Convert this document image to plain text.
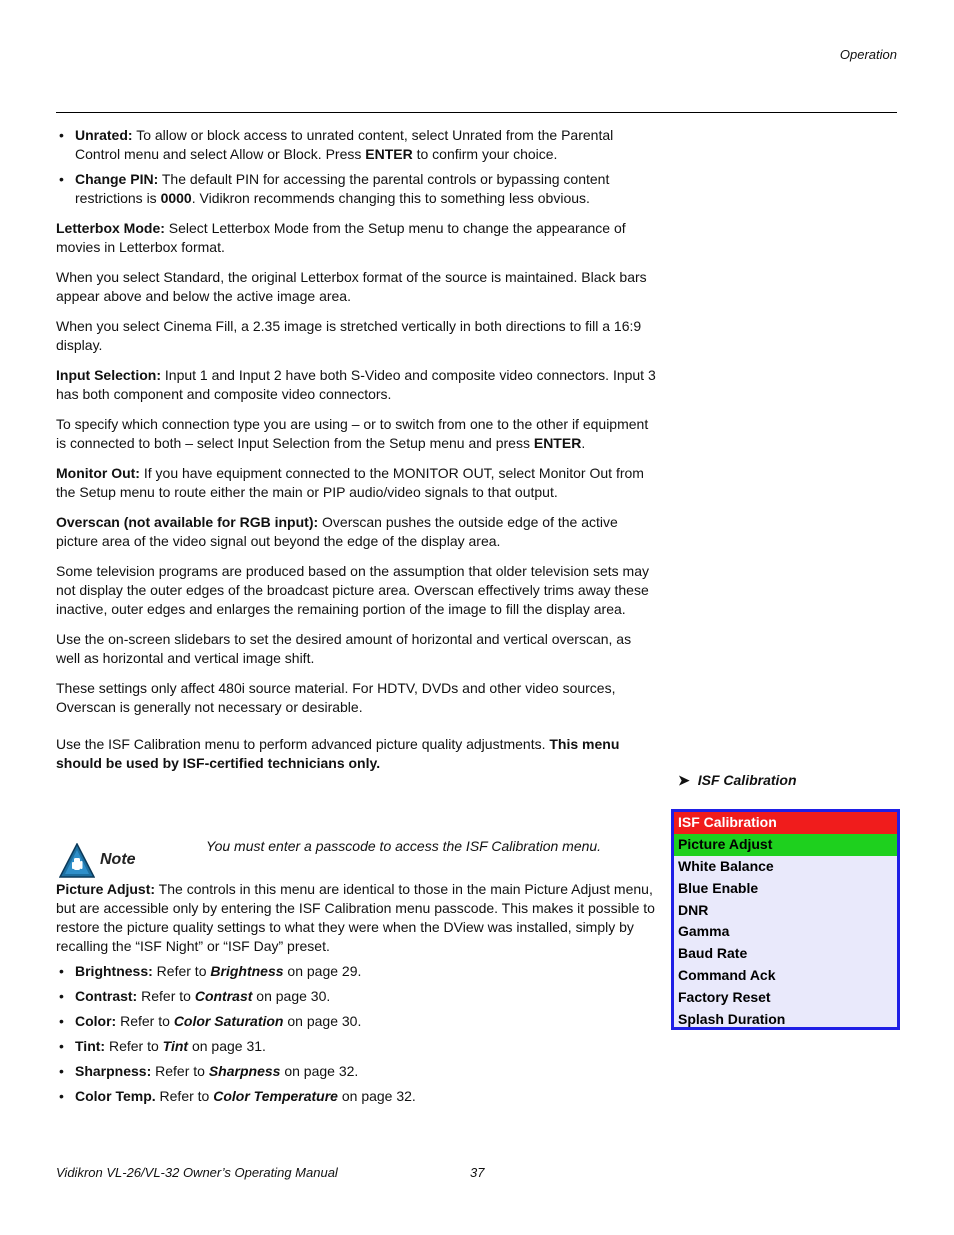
Operation
• Unrated: To allow or block access to unrated content, select Unrated from the Parental Control menu and select Allow or Block. Press ENTER to confirm your choice.
• Change PIN: The default PIN for accessing the parental controls or bypassing content restrictions is 0000. Vidikron recommends changing this to something less obvious.

Letterbox Mode: Select Letterbox Mode from the Setup menu to change the appearance of movies in Letterbox format.

When you select Standard, the original Letterbox format of the source is maintained. Black bars appear above and below the active image area.

When you select Cinema Fill, a 2.35 image is stretched vertically in both directions to fill a 16:9 display.

Input Selection: Input 1 and Input 2 have both S-Video and composite video connectors. Input 3 has both component and composite video connectors.

To specify which connection type you are using – or to switch from one to the other if equipment is connected to both – select Input Selection from the Setup menu and press ENTER.

Monitor Out: If you have equipment connected to the MONITOR OUT, select Monitor Out from the Setup menu to route either the main or PIP audio/video signals to that output.

Overscan (not available for RGB input): Overscan pushes the outside edge of the active picture area of the video signal out beyond the edge of the display area.

Some television programs are produced based on the assumption that older television sets may not display the outer edges of the broadcast picture area. Overscan effectively trims away these inactive, outer edges and enlarges the remaining portion of the image to fill the display area.

Use the on-screen slidebars to set the desired amount of horizontal and vertical overscan, as well as horizontal and vertical image shift.

These settings only affect 480i source material. For HDTV, DVDs and other video sources, Overscan is generally not necessary or desirable.

Use the ISF Calibration menu to perform advanced picture quality adjustments. This menu should be used by ISF-certified technicians only.

Picture Adjust: The controls in this menu are identical to those in the main Picture Adjust menu, but are accessible only by entering the ISF Calibration menu passcode. This makes it possible to restore the picture quality settings to what they were when the DView was installed, simply by recalling the “ISF Night” or “ISF Day” preset.

• Brightness: Refer to Brightness on page 29.
• Contrast: Refer to Contrast on page 30.
• Color: Refer to Color Saturation on page 30.
• Tint: Refer to Tint on page 31.
• Sharpness: Refer to Sharpness on page 32.
• Color Temp. Refer to Color Temperature on page 32.
➤ ISF Calibration
ISF Calibration
Picture Adjust
White Balance
Blue Enable
DNR
Gamma
Baud Rate
Command Ack
Factory Reset
Splash Duration
Note
You must enter a passcode to access the ISF Calibration menu.
Vidikron VL-26/VL-32 Owner’s Operating Manual	37
